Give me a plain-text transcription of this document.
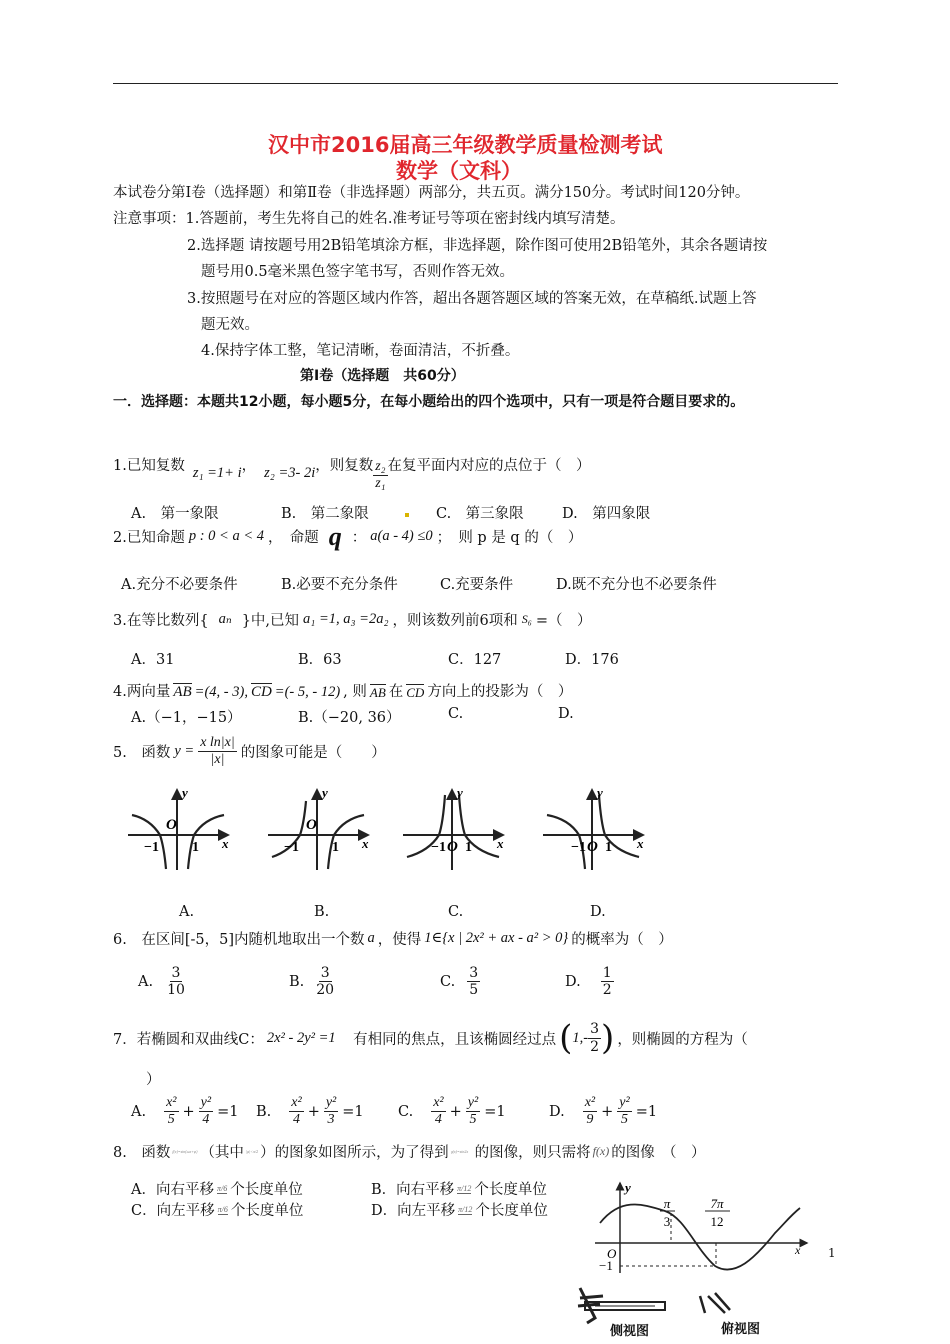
汉中市2016届高三年级教学质量检测考试
数学（文科）
本试卷分第Ⅰ卷（选择题）和第Ⅱ卷（非选择题）两部分，共五页。满分150分。考试时间120分钟。
注意事项：1.答题前，考生先将自己的姓名.准考证号等项在密封线内填写清楚。
2.选择题 请按题号用2B铅笔填涂方框，非选择题，除作图可使用2B铅笔外，其余各题请按
题号用0.5毫米黑色签字笔书写，否则作答无效。
3.按照题号在对应的答题区域内作答，超出各题答题区域的答案无效，在草稿纸.试题上答
题无效。
4.保持字体工整，笔记清晰，卷面清洁，不折叠。
第Ⅰ卷（选择题　共60分）
一．选择题：本题共12小题，每小题5分，在每小题给出的四个选项中，只有一项是符合题目要求的。
1.已知复数 z₁ =1+ i ， z₂ =3- 2i ，则复数 $\frac{\text{z₂}}{\text{z₁}}$ 在复平面内对应的点位于（　）
A.　第一象限	B.　第二象限	C.　第三象限	D.　第四象限
2.已知命题 p : 0 < a < 4 ，　命题 q ： a(a - 4) ≤0 ；　则 p 是 q 的（　）
A.充分不必要条件	B.必要不充分条件	C.充要条件	D.既不充分也不必要条件
3.在等比数列{ aₙ }中,已知 a₁ =1, a₃ =2a₂ ，则该数列前6项和 S₆ =（　）
A．31	B．63	C．127	D．176
4.两向量 AB =(4, - 3), CD =(- 5, - 12) , 则 AB 在 CD 方向上的投影为（　）
A.（−1，−15）	B.（−20, 36）	C.	D.
5.　函数 $y = \frac{\text{x ln|x|}}{|x|}$ 的图象可能是（　　）
y
O
−1 1 x
y
O
−1 1 x
y
−1 O 1 x
y
−1 O 1 x
A.	B.	C.	D.
6.　在区间[-5，5]内随机地取出一个数 a ，使得 1∈{x | 2x² + ax - a² > 0} 的概率为（　）
A. $\frac{3}{10}$	B. $\frac{3}{20}$	C. $\frac{3}{5}$	D. $\frac{1}{2}$
7．若椭圆和双曲线C： 2x² - 2y² =1 　有相同的焦点，且该椭圆经过点 ( $1,- \frac{3}{2}$ ) ，则椭圆的方程为（
）
A. $\frac{\text{x²}}{5} + \frac{\text{y²}}{4} =1$ B. $\frac{\text{x²}}{4} + \frac{\text{y²}}{3} =1$ C. $\frac{\text{x²}}{4} + \frac{\text{y²}}{5} =1$	D. $\frac{\text{x²}}{9} + \frac{\text{y²}}{5} =1$
8.　函数 f(x)=sin(ωx+φ) （其中 |φ|<π/2 ）的图象如图所示，为了得到 g(x)=sin2x 的图像，则只需将 f(x) 的图像　（　）
A．向右平移 π/6 个长度单位	B．向右平移 π/12 个长度单位
C．向左平移 π/6 个长度单位	D．向左平移 π/12 个长度单位
y
O
−1
x
π
3
7π
12
侧视图	俯视图
1
